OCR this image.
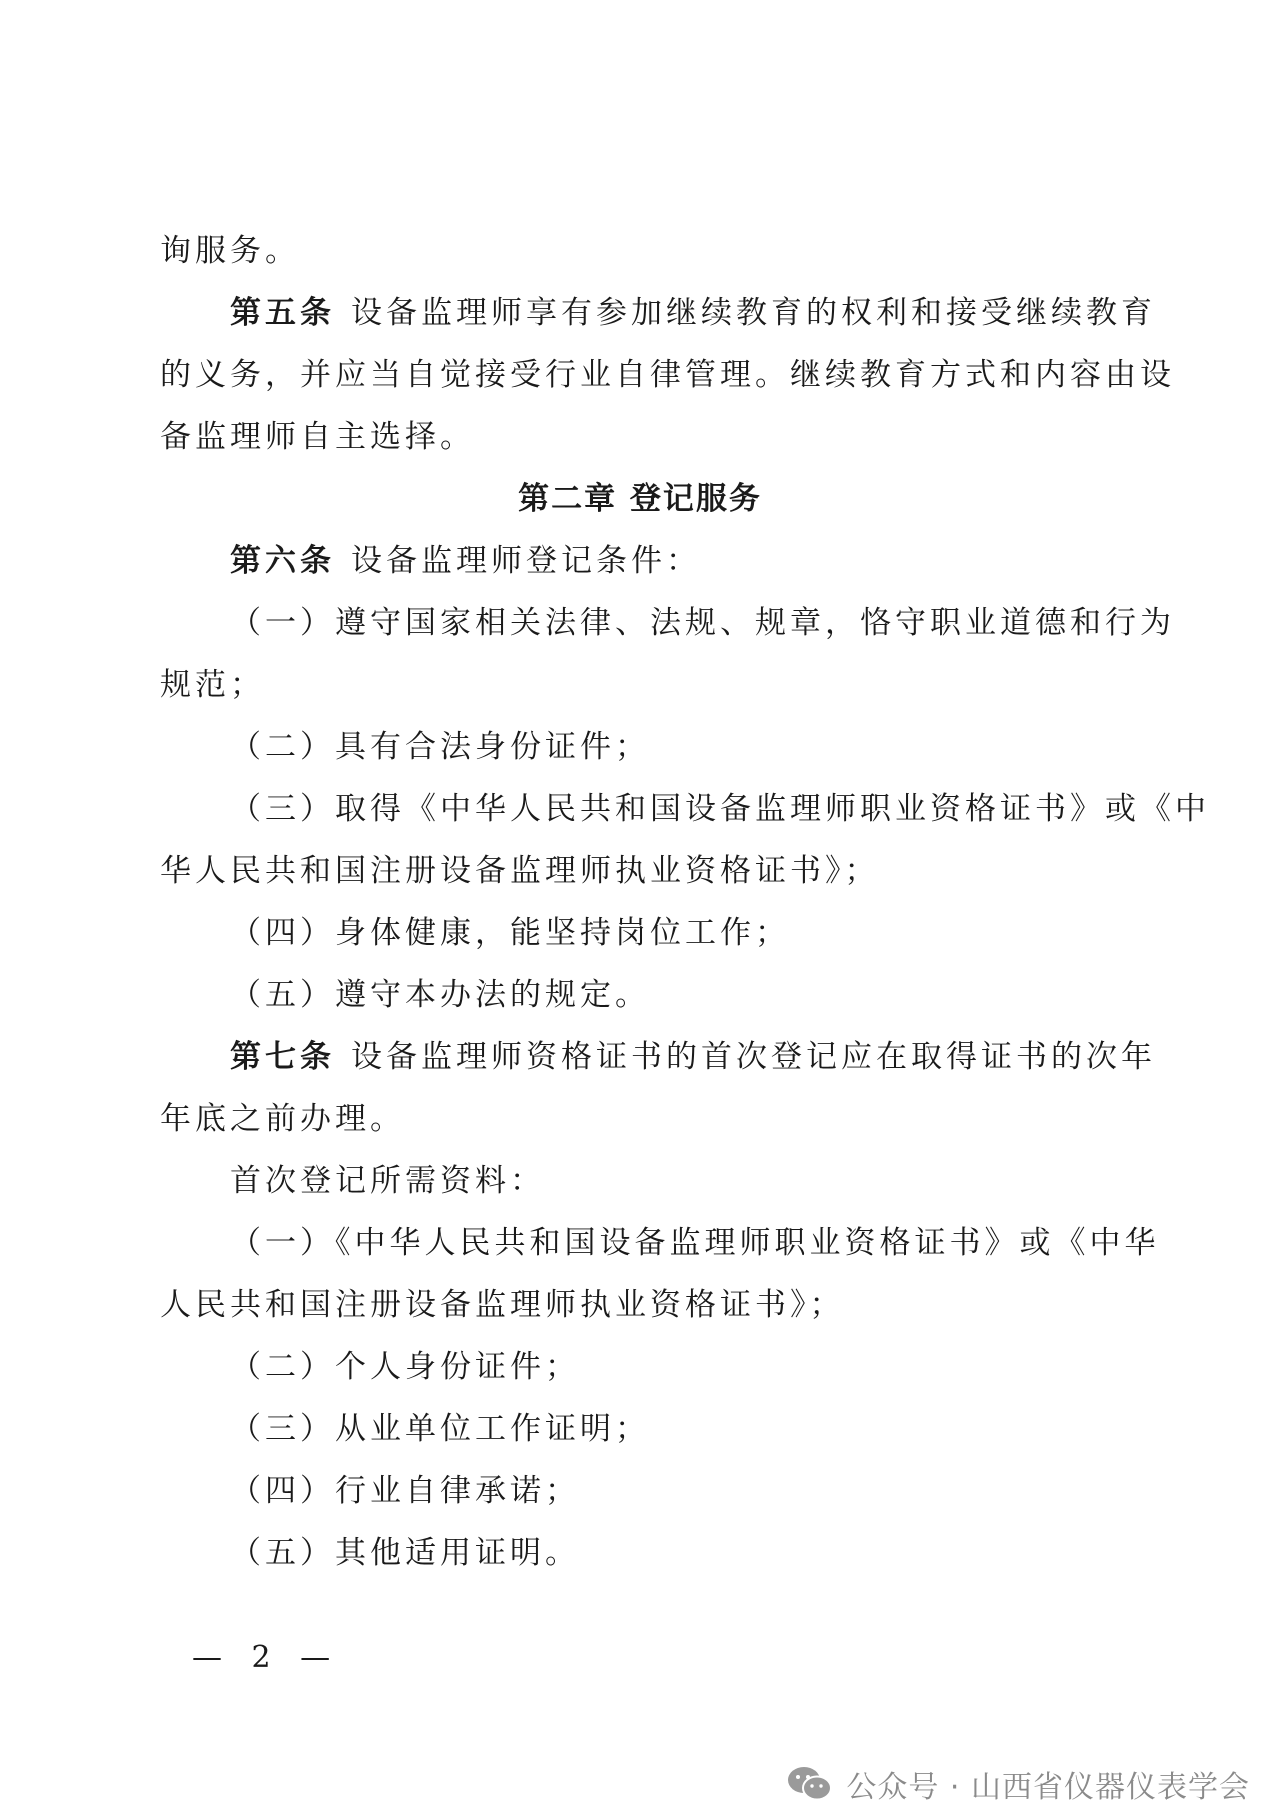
询服务。

第五条 设备监理师享有参加继续教育的权利和接受继续教育

的义务，并应当自觉接受行业自律管理。继续教育方式和内容由设

备监理师自主选择。

第二章 登记服务

第六条 设备监理师登记条件：

（一）遵守国家相关法律、法规、规章，恪守职业道德和行为

规范；

（二）具有合法身份证件；

（三）取得《中华人民共和国设备监理师职业资格证书》或《中

华人民共和国注册设备监理师执业资格证书》；

（四）身体健康，能坚持岗位工作；

（五）遵守本办法的规定。

第七条 设备监理师资格证书的首次登记应在取得证书的次年

年底之前办理。

首次登记所需资料：

（一）《中华人民共和国设备监理师职业资格证书》或《中华

人民共和国注册设备监理师执业资格证书》；

（二）个人身份证件；

（三）从业单位工作证明；

（四）行业自律承诺；

（五）其他适用证明。

— 2 —
公众号 · 山西省仪器仪表学会
